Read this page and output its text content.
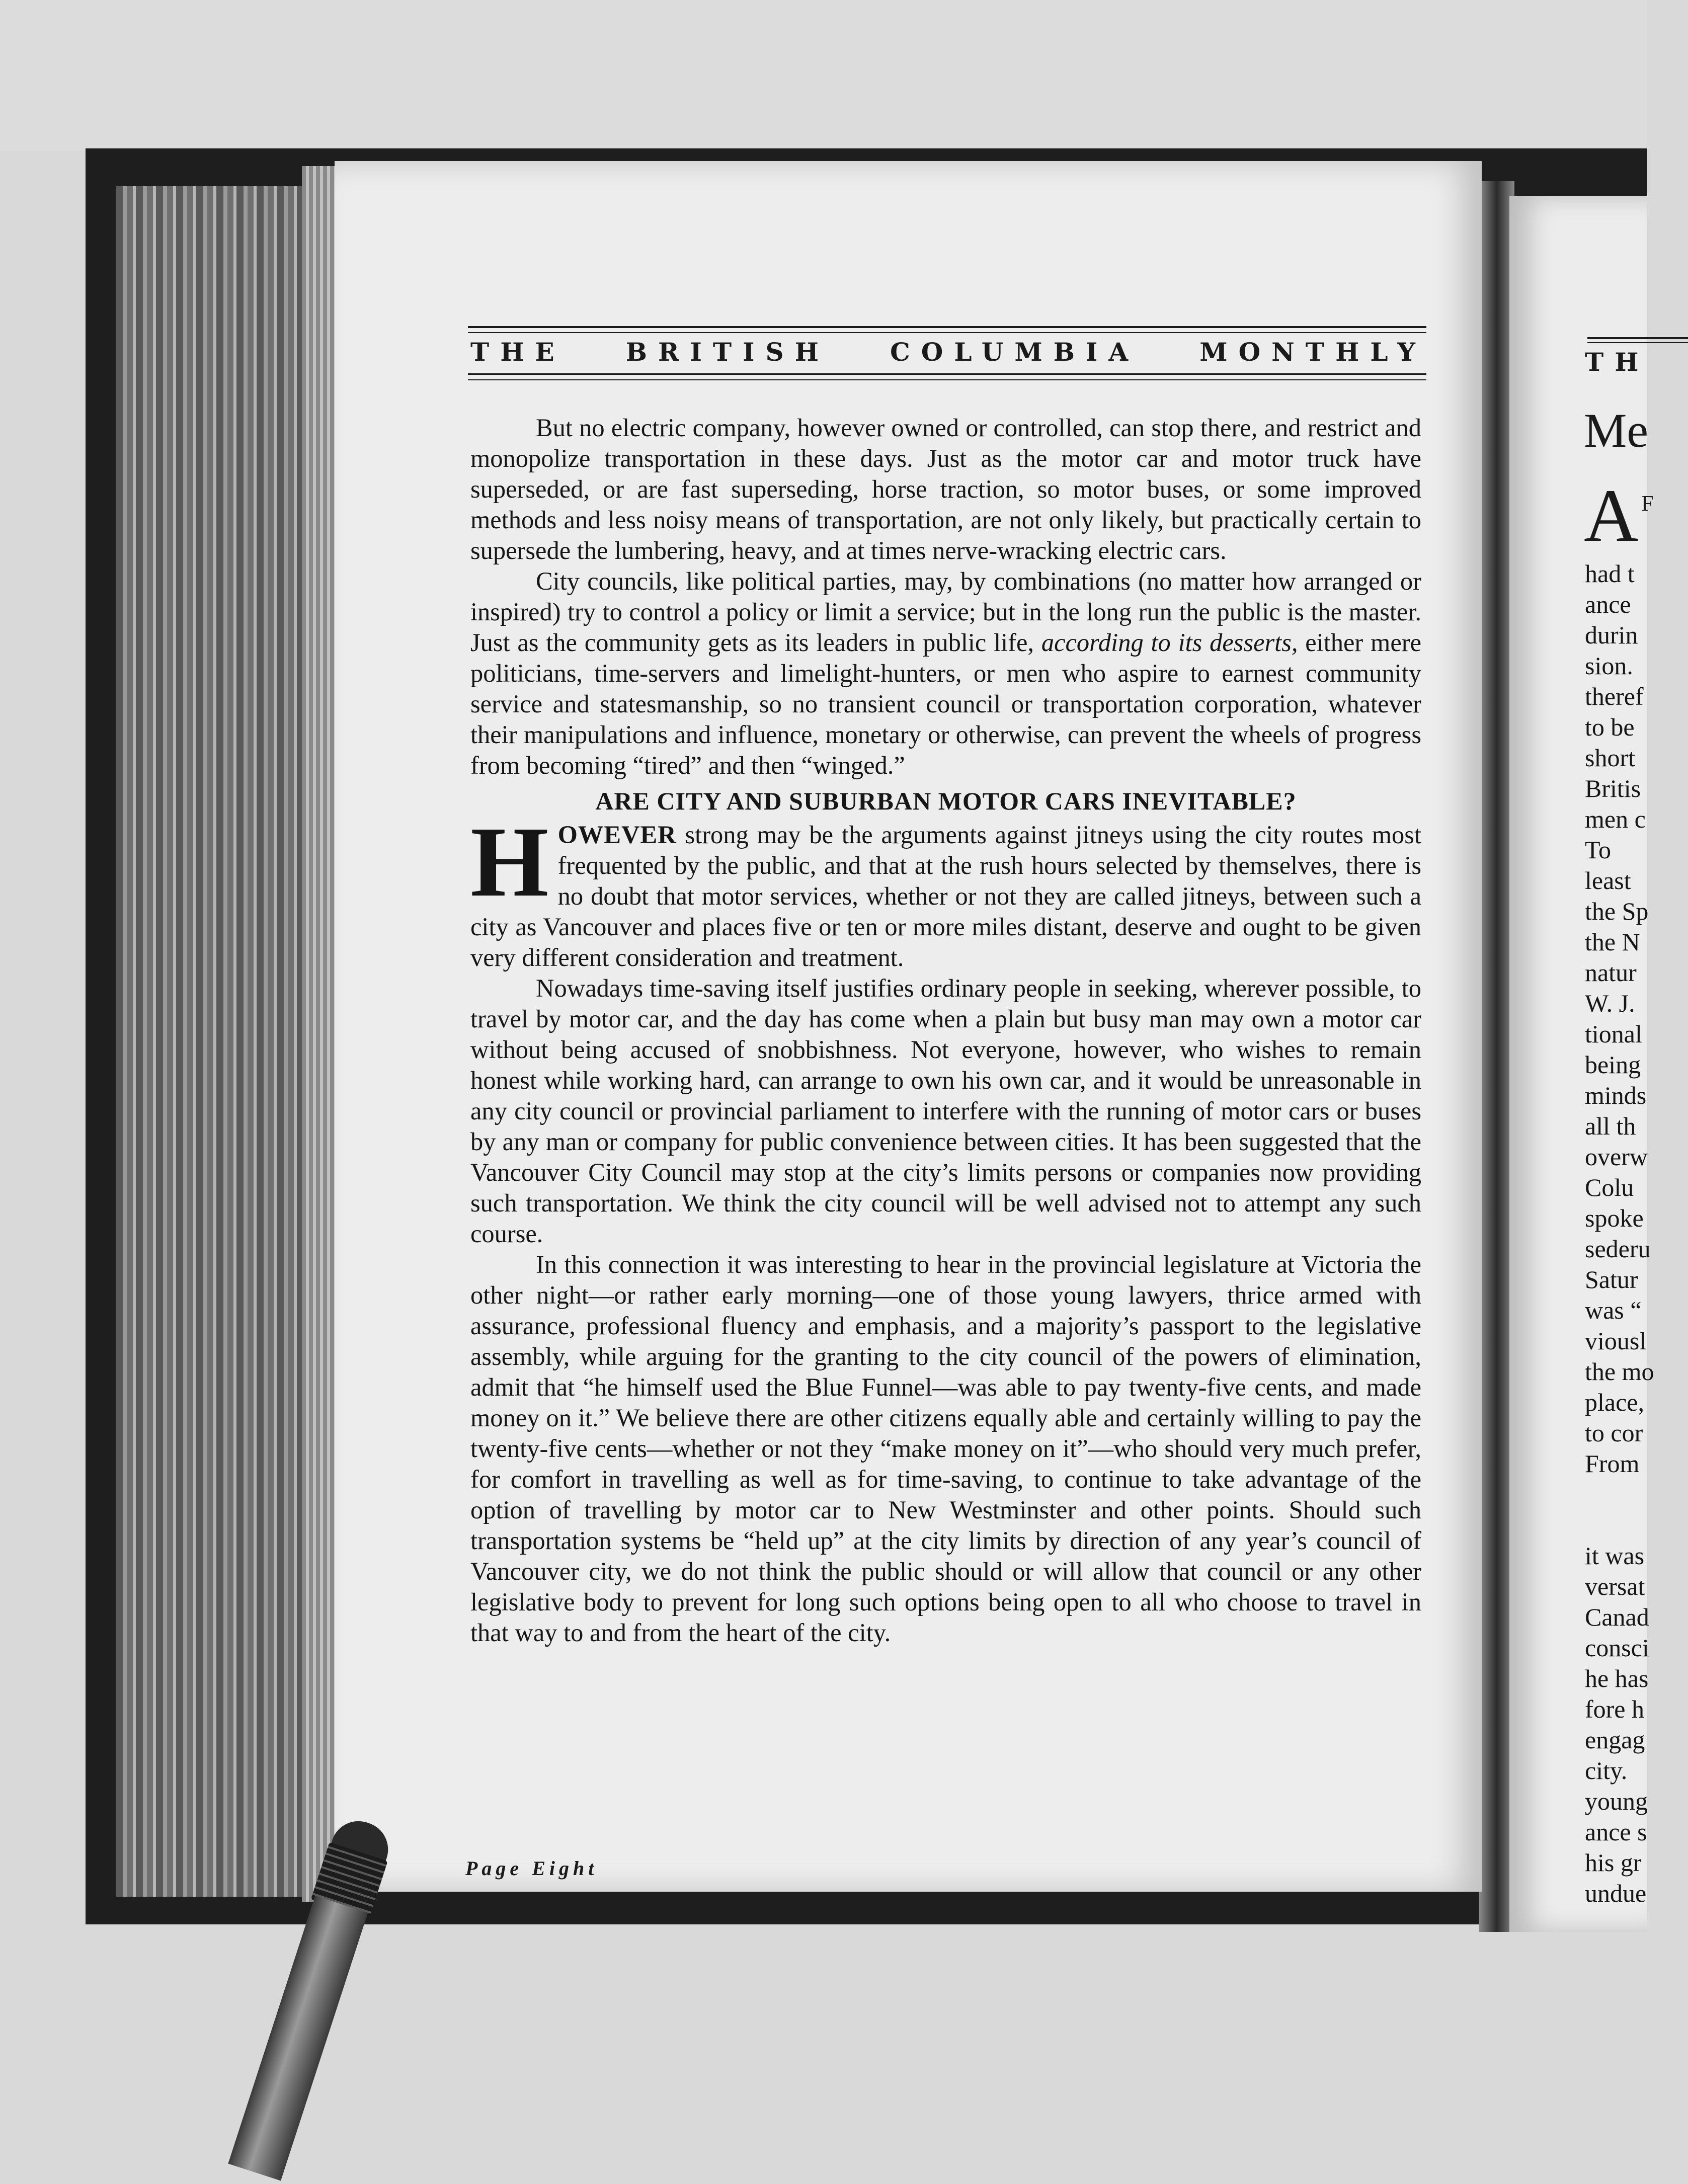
THE BRITISH COLUMBIA MONTHLY

But no electric company, however owned or controlled, can stop there, and restrict and monopolize transportation in these days. Just as the motor car and motor truck have superseded, or are fast superseding, horse traction, so motor buses, or some improved methods and less noisy means of transportation, are not only likely, but practically certain to supersede the lumbering, heavy, and at times nerve-wracking electric cars.

City councils, like political parties, may, by combinations (no matter how arranged or inspired) try to control a policy or limit a service; but in the long run the public is the master. Just as the community gets as its leaders in public life, according to its desserts, either mere politicians, time-servers and limelight-hunters, or men who aspire to earnest community service and statesmanship, so no transient council or transportation corporation, whatever their manipulations and influence, monetary or otherwise, can prevent the wheels of progress from becoming “tired” and then “winged.”

ARE CITY AND SUBURBAN MOTOR CARS INEVITABLE?

HOWEVER strong may be the arguments against jitneys using the city routes most frequented by the public, and that at the rush hours selected by themselves, there is no doubt that motor services, whether or not they are called jitneys, between such a city as Vancouver and places five or ten or more miles distant, deserve and ought to be given very different consideration and treatment.

Nowadays time-saving itself justifies ordinary people in seeking, wherever possible, to travel by motor car, and the day has come when a plain but busy man may own a motor car without being accused of snobbishness. Not everyone, however, who wishes to remain honest while working hard, can arrange to own his own car, and it would be unreasonable in any city council or provincial parliament to interfere with the running of motor cars or buses by any man or company for public convenience between cities. It has been suggested that the Vancouver City Council may stop at the city’s limits persons or companies now providing such transportation. We think the city council will be well advised not to attempt any such course.

In this connection it was interesting to hear in the provincial legislature at Victoria the other night—or rather early morning—one of those young lawyers, thrice armed with assurance, professional fluency and emphasis, and a majority’s passport to the legislative assembly, while arguing for the granting to the city council of the powers of elimination, admit that “he himself used the Blue Funnel—was able to pay twenty-five cents, and made money on it.” We believe there are other citizens equally able and certainly willing to pay the twenty-five cents—whether or not they “make money on it”—who should very much prefer, for comfort in travelling as well as for time-saving, to continue to take advantage of the option of travelling by motor car to New Westminster and other points. Should such transportation systems be “held up” at the city limits by direction of any year’s council of Vancouver city, we do not think the public should or will allow that council or any other legislative body to prevent for long such options being open to all who choose to travel in that way to and from the heart of the city.

Page Eight
TH
Me
A F
had t
ance
durin
sion.
theref
to be
short
Britis
men c
To
least
the Sp
the N
natur
W. J.
tional
being
minds
all th
overw
Colu
spoke
sederu
Satur
was “
viousl
the mo
place,
to cor
From
it was
versat
Canad
consci
he has
fore h
engag
city.
young
ance s
his gr
undue
